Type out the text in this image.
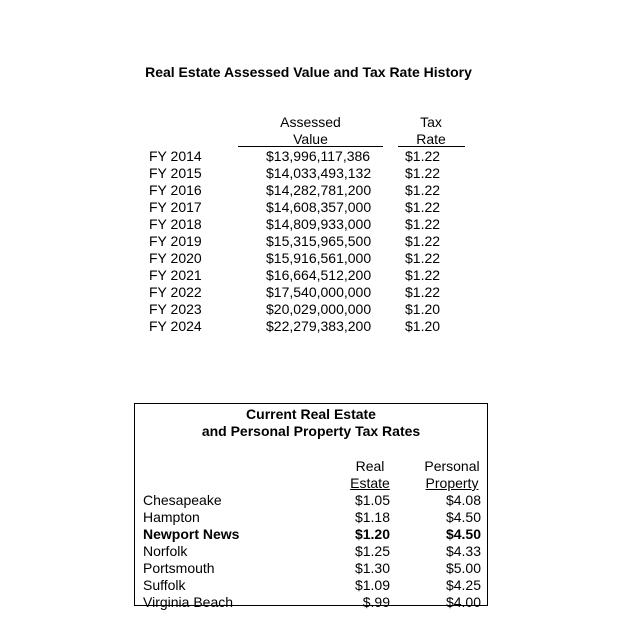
Real Estate Assessed Value and Tax Rate History
Assessed
Value
Tax
Rate
FY 2014	$13,996,117,386 $1.22
FY 2015	$14,033,493,132 $1.22
FY 2016	$14,282,781,200 $1.22
FY 2017	$14,608,357,000 $1.22
FY 2018	$14,809,933,000 $1.22
FY 2019	$15,315,965,500 $1.22
FY 2020	$15,916,561,000 $1.22
FY 2021	$16,664,512,200 $1.22
FY 2022	$17,540,000,000 $1.22
FY 2023	$20,029,000,000 $1.20
FY 2024	$22,279,383,200 $1.20
Current Real Estate
and Personal Property Tax Rates
Real
Estate
Personal
Property
Chesapeake	$1.05	$4.08
Hampton	$1.18	$4.50
Newport News	$1.20	$4.50
Norfolk	$1.25	$4.33
Portsmouth	$1.30	$5.00
Suffolk	$1.09	$4.25
Virginia Beach	$.99	$4.00
